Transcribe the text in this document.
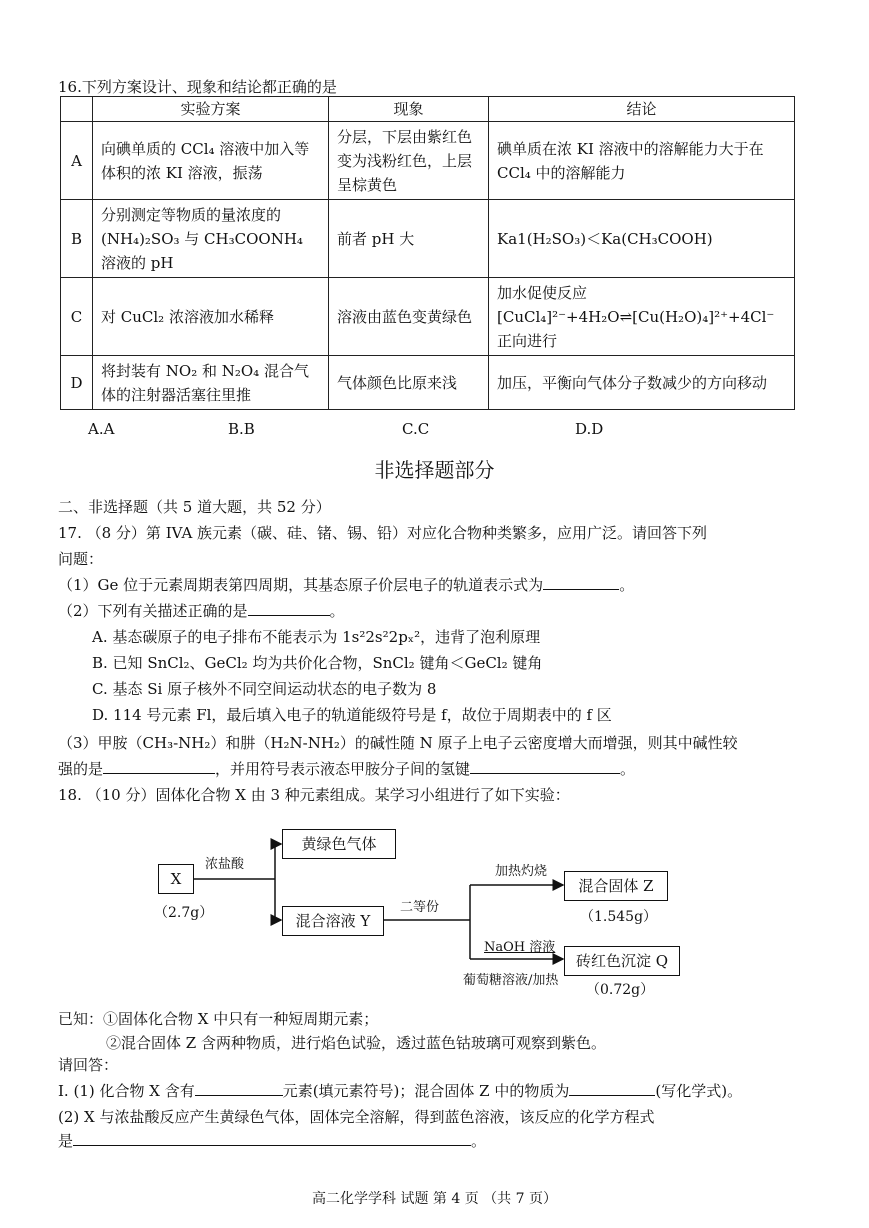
16.下列方案设计、现象和结论都正确的是
	实验方案	现象	结论
A	向碘单质的 CCl₄ 溶液中加入等体积的浓 KI 溶液，振荡	分层，下层由紫红色变为浅粉红色，上层呈棕黄色	碘单质在浓 KI 溶液中的溶解能力大于在 CCl₄ 中的溶解能力
B	分别测定等物质的量浓度的(NH₄)₂SO₃ 与 CH₃COONH₄ 溶液的 pH	前者 pH 大	Ka1(H₂SO₃)＜Ka(CH₃COOH)
C	对 CuCl₂ 浓溶液加水稀释	溶液由蓝色变黄绿色	加水促使反应[CuCl₄]²⁻+4H₂O⇌[Cu(H₂O)₄]²⁺+4Cl⁻正向进行
D	将封装有 NO₂ 和 N₂O₄ 混合气体的注射器活塞往里推	气体颜色比原来浅	加压，平衡向气体分子数减少的方向移动
A.A	B.B	C.C	D.D
非选择题部分
二、非选择题（共 5 道大题，共 52 分）
17. （8 分）第 IVA 族元素（碳、硅、锗、锡、铅）对应化合物种类繁多，应用广泛。请回答下列
问题：
（1）Ge 位于元素周期表第四周期，其基态原子价层电子的轨道表示式为	。
（2）下列有关描述正确的是	。
A. 基态碳原子的电子排布不能表示为 1s²2s²2pₓ²，违背了泡利原理
B. 已知 SnCl₂、GeCl₂ 均为共价化合物，SnCl₂ 键角＜GeCl₂ 键角
C. 基态 Si 原子核外不同空间运动状态的电子数为 8
D. 114 号元素 Fl，最后填入电子的轨道能级符号是 f，故位于周期表中的 f 区
（3）甲胺（CH₃-NH₂）和肼（H₂N-NH₂）的碱性随 N 原子上电子云密度增大而增强，则其中碱性较
强的是	，并用符号表示液态甲胺分子间的氢键	。
18. （10 分）固体化合物 X 由 3 种元素组成。某学习小组进行了如下实验：
X
（2.7g）
浓盐酸
黄绿色气体
混合溶液 Y
二等份
加热灼烧
NaOH 溶液
葡萄糖溶液/加热
混合固体 Z
（1.545g）
砖红色沉淀 Q
（0.72g）
已知：①固体化合物 X 中只有一种短周期元素；
②混合固体 Z 含两种物质，进行焰色试验，透过蓝色钴玻璃可观察到紫色。
请回答：
Ⅰ. (1) 化合物 X 含有	元素(填元素符号)；混合固体 Z 中的物质为	(写化学式)。
(2) X 与浓盐酸反应产生黄绿色气体，固体完全溶解，得到蓝色溶液，该反应的化学方程式
是	。
高二化学学科 试题 第 4 页 （共 7 页）
